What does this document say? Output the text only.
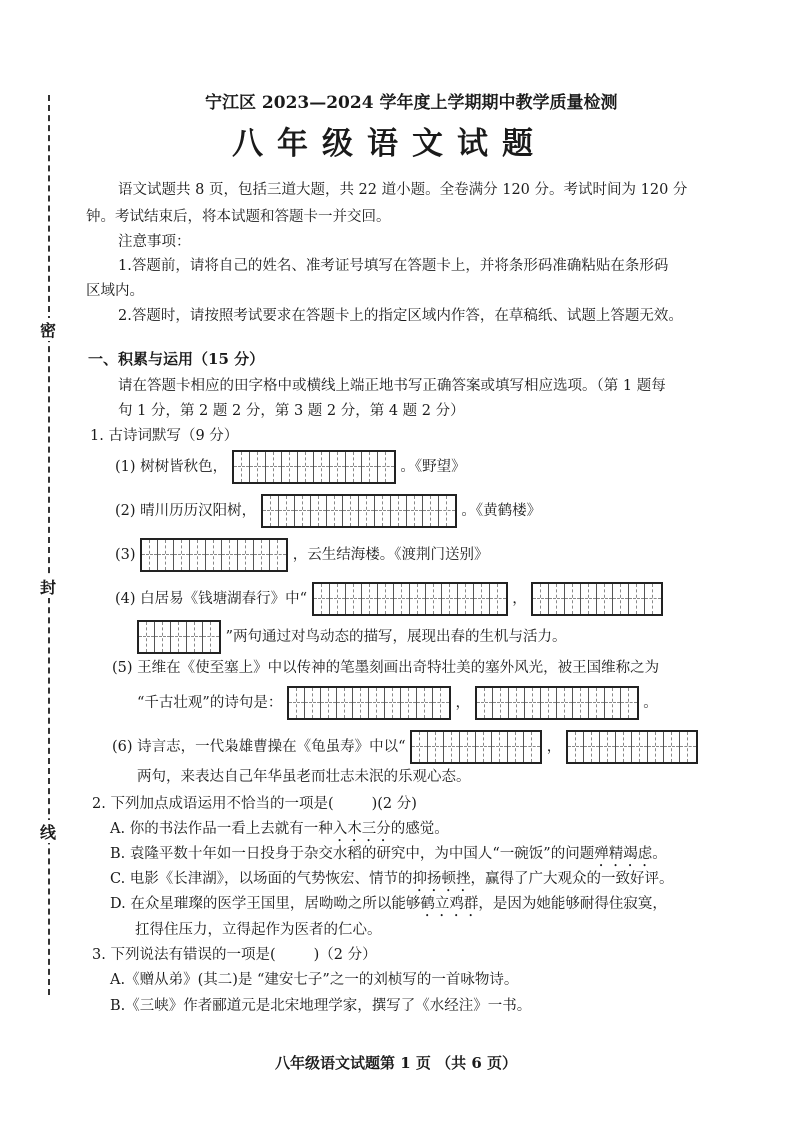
密
封
线
宁江区 2023—2024 学年度上学期期中教学质量检测
八年级语文试题
语文试题共 8 页，包括三道大题，共 22 道小题。全卷满分 120 分。考试时间为 120 分
钟。考试结束后，将本试题和答题卡一并交回。
注意事项：
1.答题前，请将自己的姓名、准考证号填写在答题卡上，并将条形码准确粘贴在条形码
区域内。
2.答题时，请按照考试要求在答题卡上的指定区域内作答，在草稿纸、试题上答题无效。
一、积累与运用（15 分）
请在答题卡相应的田字格中或横线上端正地书写正确答案或填写相应选项。（第 1 题每
句 1 分，第 2 题 2 分，第 3 题 2 分，第 4 题 2 分）
1. 古诗词默写（9 分）
(1) 树树皆秋色，	。《野望》
(2) 晴川历历汉阳树，	。《黄鹤楼》
(3)	，云生结海楼。《渡荆门送别》
(4) 白居易《钱塘湖春行》中“	，
”两句通过对鸟动态的描写，展现出春的生机与活力。
(5) 王维在《使至塞上》中以传神的笔墨刻画出奇特壮美的塞外风光，被王国维称之为
“千古壮观”的诗句是：	，	。
(6) 诗言志，一代枭雄曹操在《龟虽寿》中以“	，
两句，来表达自己年华虽老而壮志未泯的乐观心态。
2. 下列加点成语运用不恰当的一项是(	)(2 分)
A. 你的书法作品一看上去就有一种入木三分的感觉。
B. 袁隆平数十年如一日投身于杂交水稻的研究中，为中国人“一碗饭”的问题殚精竭虑。
C. 电影《长津湖》，以场面的气势恢宏、情节的抑扬顿挫，赢得了广大观众的一致好评。
D. 在众星璀璨的医学王国里，居呦呦之所以能够鹤立鸡群，是因为她能够耐得住寂寞，
扛得住压力，立得起作为医者的仁心。
3. 下列说法有错误的一项是(	)（2 分）
A.《赠从弟》(其二)是 “建安七子”之一的刘桢写的一首咏物诗。
B.《三峡》作者郦道元是北宋地理学家，撰写了《水经注》一书。
八年级语文试题第 1 页 （共 6 页）
